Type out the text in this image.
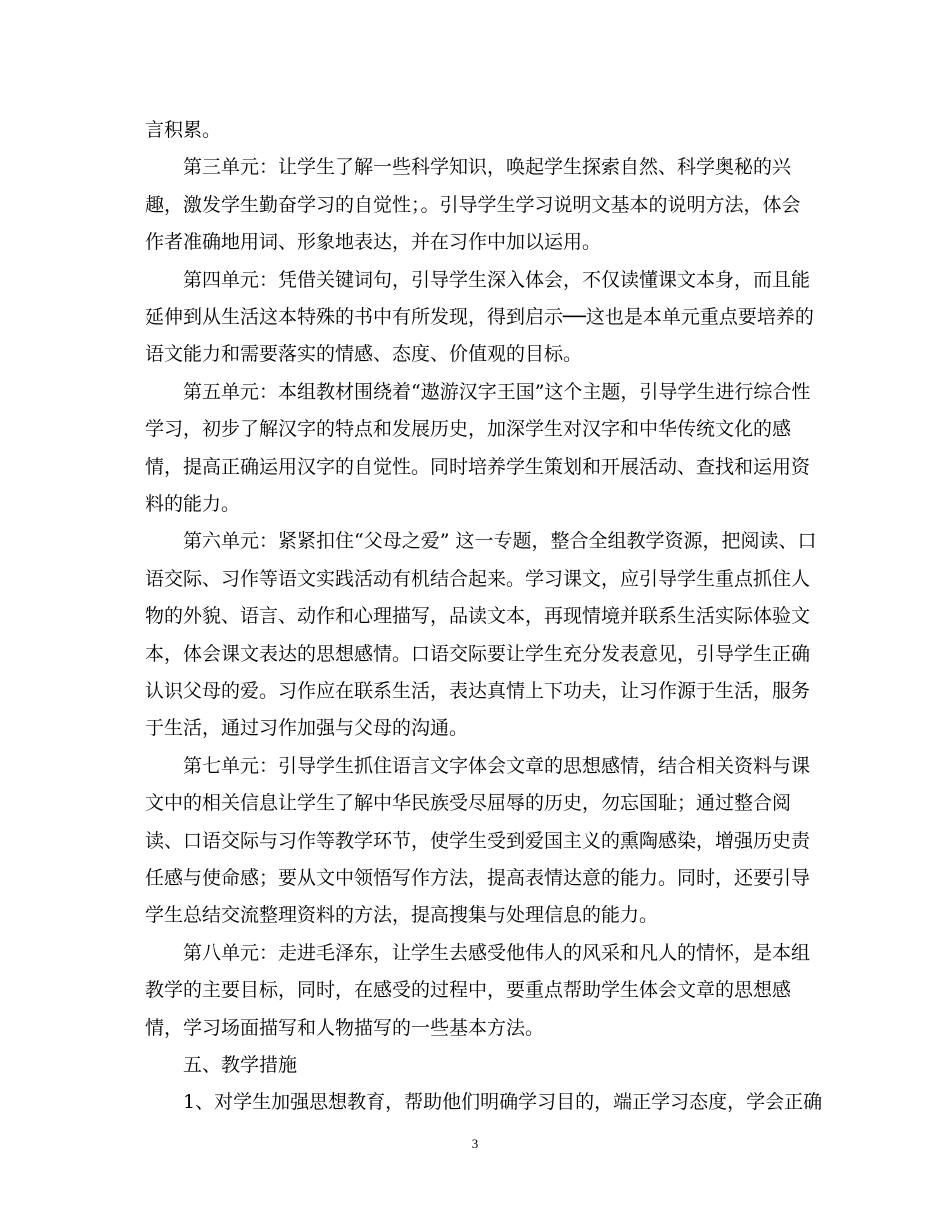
言积累。
第三单元：让学生了解一些科学知识，唤起学生探索自然、科学奥秘的兴
趣，激发学生勤奋学习的自觉性；。引导学生学习说明文基本的说明方法，体会
作者准确地用词、形象地表达，并在习作中加以运用。
第四单元：凭借关键词句，引导学生深入体会，不仅读懂课文本身，而且能
延伸到从生活这本特殊的书中有所发现，得到启示──这也是本单元重点要培养的
语文能力和需要落实的情感、态度、价值观的目标。
第五单元：本组教材围绕着“遨游汉字王国”这个主题，引导学生进行综合性
学习，初步了解汉字的特点和发展历史，加深学生对汉字和中华传统文化的感
情，提高正确运用汉字的自觉性。同时培养学生策划和开展活动、查找和运用资
料的能力。
第六单元：紧紧扣住“父母之爱” 这一专题，整合全组教学资源，把阅读、口
语交际、习作等语文实践活动有机结合起来。学习课文，应引导学生重点抓住人
物的外貌、语言、动作和心理描写，品读文本，再现情境并联系生活实际体验文
本，体会课文表达的思想感情。口语交际要让学生充分发表意见，引导学生正确
认识父母的爱。习作应在联系生活，表达真情上下功夫，让习作源于生活，服务
于生活，通过习作加强与父母的沟通。
第七单元：引导学生抓住语言文字体会文章的思想感情，结合相关资料与课
文中的相关信息让学生了解中华民族受尽屈辱的历史，勿忘国耻；通过整合阅
读、口语交际与习作等教学环节，使学生受到爱国主义的熏陶感染，增强历史责
任感与使命感；要从文中领悟写作方法，提高表情达意的能力。同时，还要引导
学生总结交流整理资料的方法，提高搜集与处理信息的能力。
第八单元：走进毛泽东，让学生去感受他伟人的风采和凡人的情怀，是本组
教学的主要目标，同时，在感受的过程中，要重点帮助学生体会文章的思想感
情，学习场面描写和人物描写的一些基本方法。
五、教学措施
1、对学生加强思想教育，帮助他们明确学习目的，端正学习态度，学会正确
3
